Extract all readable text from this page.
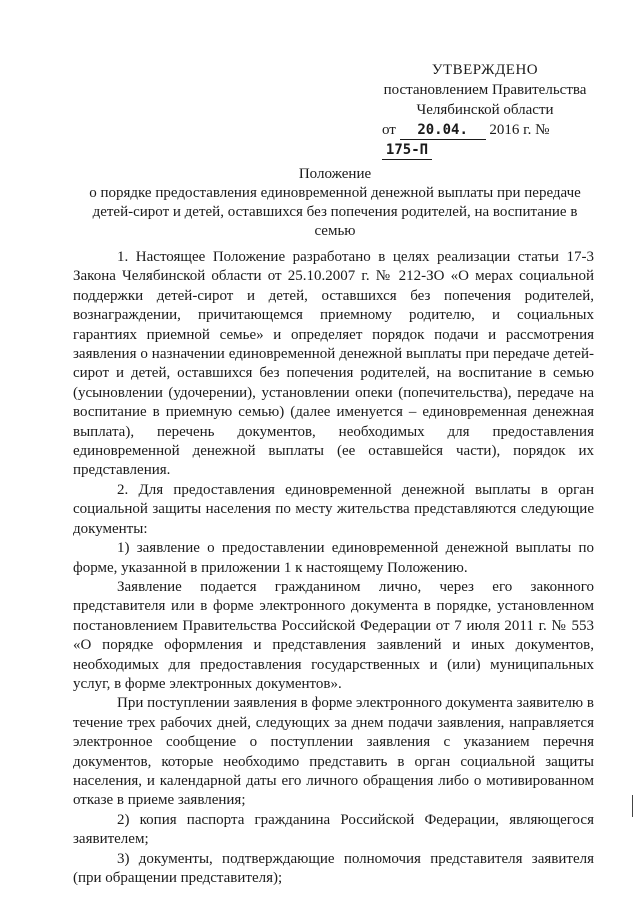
УТВЕРЖДЕНО
постановлением Правительства
Челябинской области
от 20.04. 2016 г. № 175-П
Положение
о порядке предоставления единовременной денежной выплаты при передаче детей-сирот и детей, оставшихся без попечения родителей, на воспитание в семью

1. Настоящее Положение разработано в целях реализации статьи 17-3 Закона Челябинской области от 25.10.2007 г. № 212-ЗО «О мерах социальной поддержки детей-сирот и детей, оставшихся без попечения родителей, вознаграждении, причитающемся приемному родителю, и социальных гарантиях приемной семье» и определяет порядок подачи и рассмотрения заявления о назначении единовременной денежной выплаты при передаче детей-сирот и детей, оставшихся без попечения родителей, на воспитание в семью (усыновлении (удочерении), установлении опеки (попечительства), передаче на воспитание в приемную семью) (далее именуется – единовременная денежная выплата), перечень документов, необходимых для предоставления единовременной денежной выплаты (ее оставшейся части), порядок их представления.

2. Для предоставления единовременной денежной выплаты в орган социальной защиты населения по месту жительства представляются следующие документы:

1) заявление о предоставлении единовременной денежной выплаты по форме, указанной в приложении 1 к настоящему Положению.

Заявление подается гражданином лично, через его законного представителя или в форме электронного документа в порядке, установленном постановлением Правительства Российской Федерации от 7 июля 2011 г. № 553 «О порядке оформления и представления заявлений и иных документов, необходимых для предоставления государственных и (или) муниципальных услуг, в форме электронных документов».

При поступлении заявления в форме электронного документа заявителю в течение трех рабочих дней, следующих за днем подачи заявления, направляется электронное сообщение о поступлении заявления с указанием перечня документов, которые необходимо представить в орган социальной защиты населения, и календарной даты его личного обращения либо о мотивированном отказе в приеме заявления;

2) копия паспорта гражданина Российской Федерации, являющегося заявителем;

3) документы, подтверждающие полномочия представителя заявителя (при обращении представителя);
